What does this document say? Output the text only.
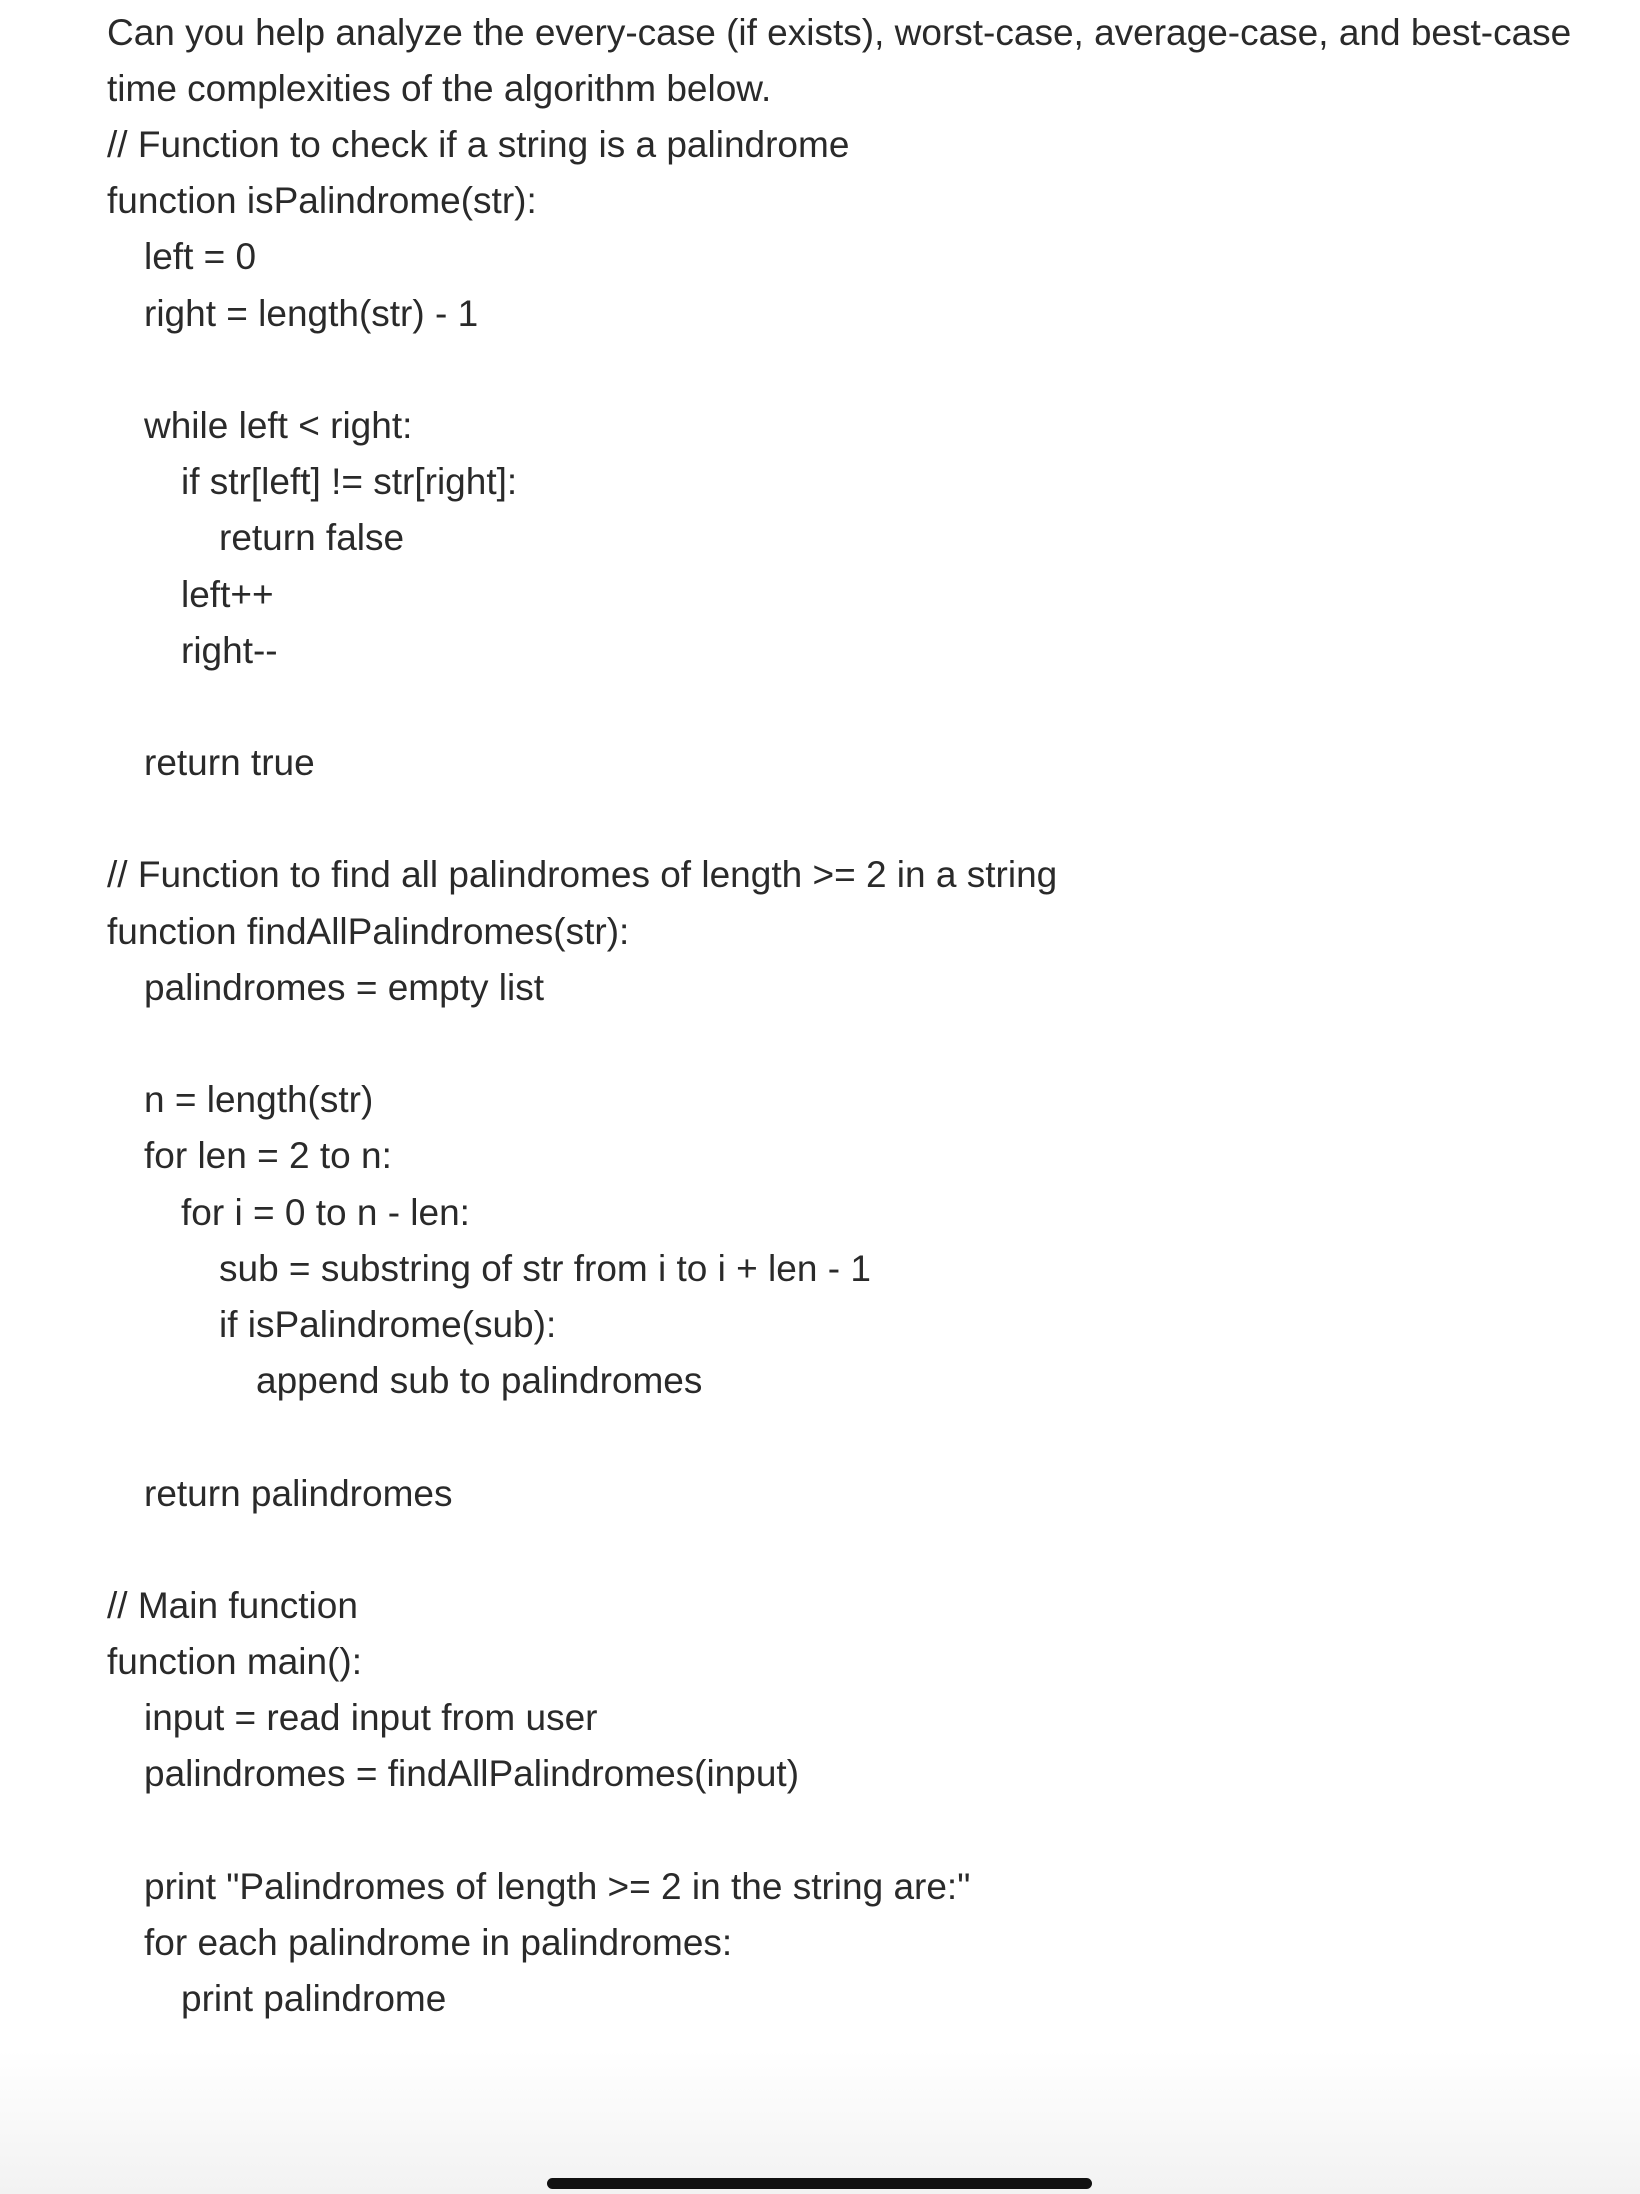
Can you help analyze the every-case (if exists), worst-case, average-case, and best-case time complexities of the algorithm below.

// Function to check if a string is a palindrome
function isPalindrome(str):
left = 0
right = length(str) - 1
while left < right:
if str[left] != str[right]:
return false
left++
right--
return true
// Function to find all palindromes of length >= 2 in a string
function findAllPalindromes(str):
palindromes = empty list
n = length(str)
for len = 2 to n:
for i = 0 to n - len:
sub = substring of str from i to i + len - 1
if isPalindrome(sub):
append sub to palindromes
return palindromes
// Main function
function main():
input = read input from user
palindromes = findAllPalindromes(input)
print "Palindromes of length >= 2 in the string are:"
for each palindrome in palindromes:
print palindrome
